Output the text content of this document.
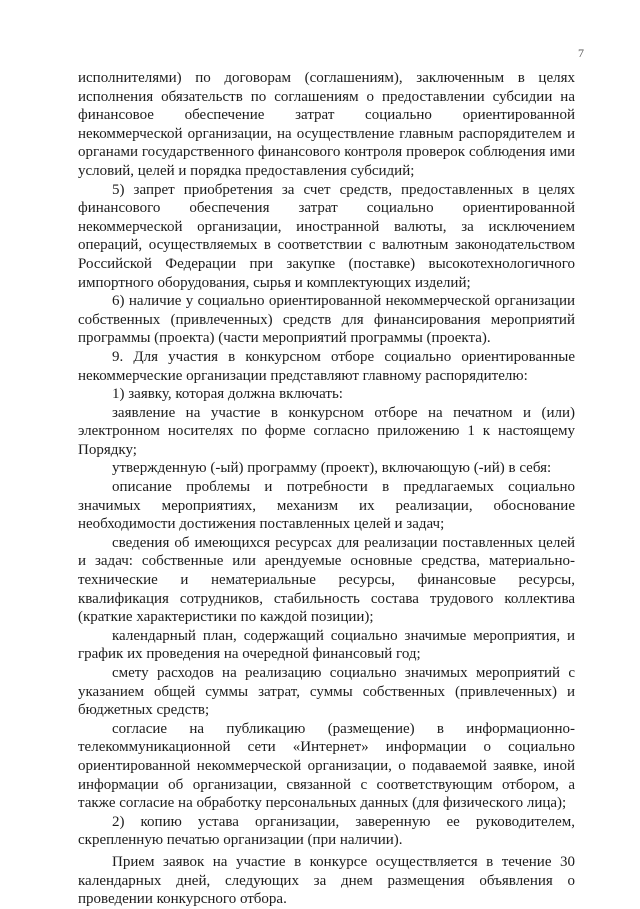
7

исполнителями) по договорам (соглашениям), заключенным в целях исполнения обязательств по соглашениям о предоставлении субсидии на финансовое обеспечение затрат социально ориентированной некоммерческой организации, на осуществление главным распорядителем и органами государственного финансового контроля проверок соблюдения ими условий, целей и порядка предоставления субсидий;

5) запрет приобретения за счет средств, предоставленных в целях финансового обеспечения затрат социально ориентированной некоммерческой организации, иностранной валюты, за исключением операций, осуществляемых в соответствии с валютным законодательством Российской Федерации при закупке (поставке) высокотехнологичного импортного оборудования, сырья и комплектующих изделий;

6) наличие у социально ориентированной некоммерческой организации собственных (привлеченных) средств для финансирования мероприятий программы (проекта) (части мероприятий программы (проекта).

9. Для участия в конкурсном отборе социально ориентированные некоммерческие организации представляют главному распорядителю:

1) заявку, которая должна включать:

заявление на участие в конкурсном отборе на печатном и (или) электронном носителях по форме согласно приложению 1 к настоящему Порядку;

утвержденную (-ый) программу (проект), включающую (-ий) в себя:

описание проблемы и потребности в предлагаемых социально значимых мероприятиях, механизм их реализации, обоснование необходимости достижения поставленных целей и задач;

сведения об имеющихся ресурсах для реализации поставленных целей и задач: собственные или арендуемые основные средства, материально-технические и нематериальные ресурсы, финансовые ресурсы, квалификация сотрудников, стабильность состава трудового коллектива (краткие характеристики по каждой позиции);

календарный план, содержащий социально значимые мероприятия, и график их проведения на очередной финансовый год;

смету расходов на реализацию социально значимых мероприятий с указанием общей суммы затрат, суммы собственных (привлеченных) и бюджетных средств;

согласие на публикацию (размещение) в информационно-телекоммуникационной сети «Интернет» информации о социально ориентированной некоммерческой организации, о подаваемой заявке, иной информации об организации, связанной с соответствующим отбором, а также согласие на обработку персональных данных (для физического лица);

2) копию устава организации, заверенную ее руководителем, скрепленную печатью организации (при наличии).

Прием заявок на участие в конкурсе осуществляется в течение 30 календарных дней, следующих за днем размещения объявления о проведении конкурсного отбора.
